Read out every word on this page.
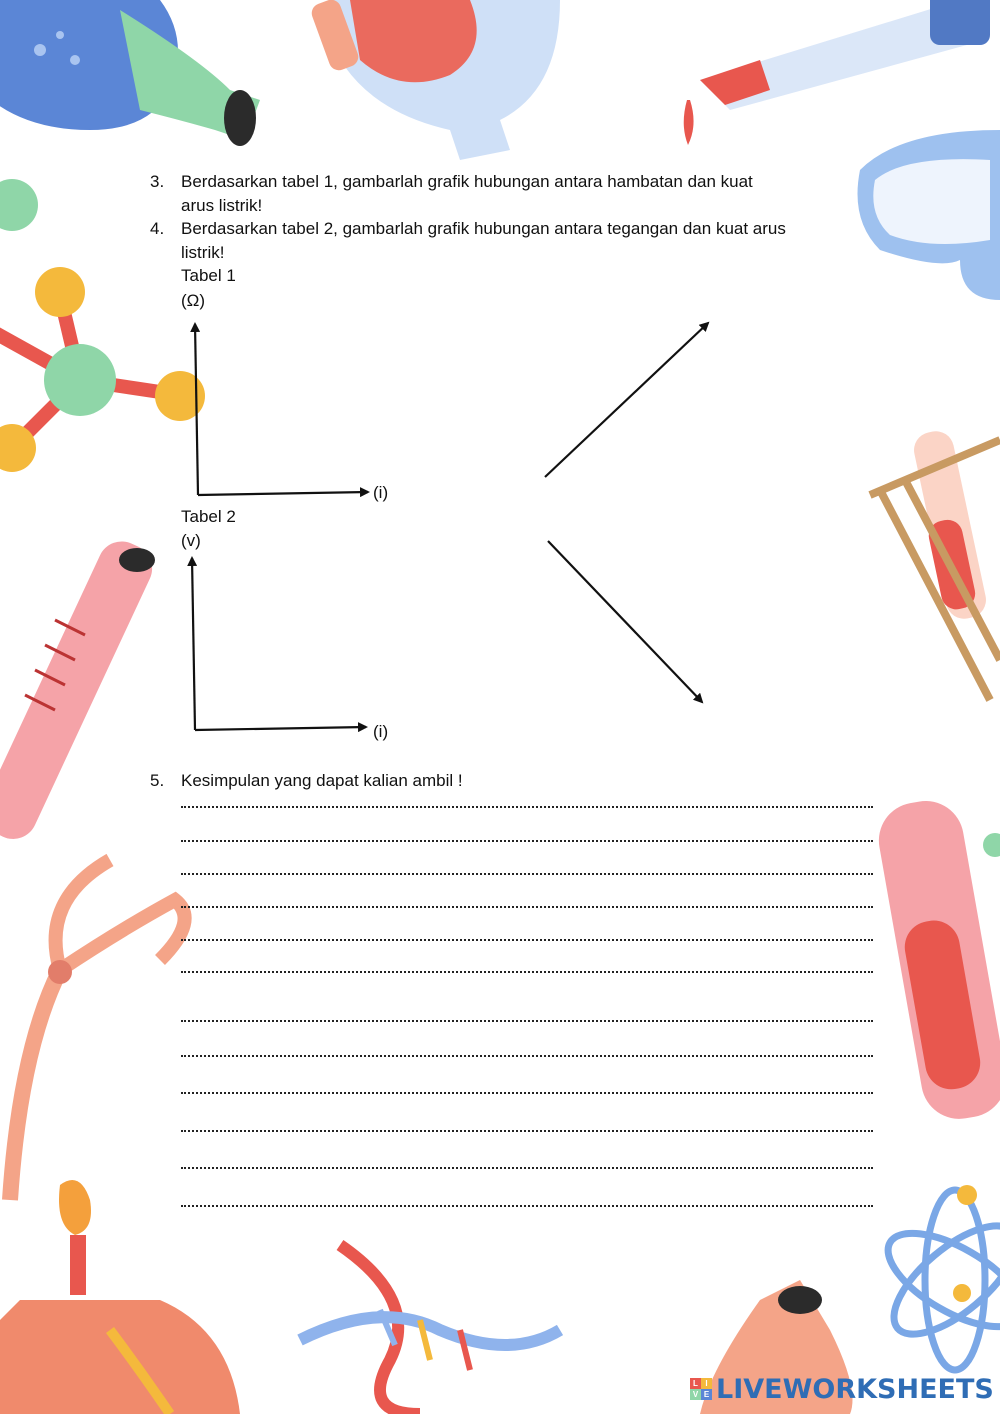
3. Berdasarkan tabel 1, gambarlah grafik hubungan antara hambatan dan kuat
arus listrik!
4. Berdasarkan tabel 2, gambarlah grafik hubungan antara tegangan dan kuat arus
listrik!
Tabel 1
(Ω)
(i)
Tabel 2
(v)
(i)
5. Kesimpulan yang dapat kalian ambil !
L I
V E LIVEWORKSHEETS
